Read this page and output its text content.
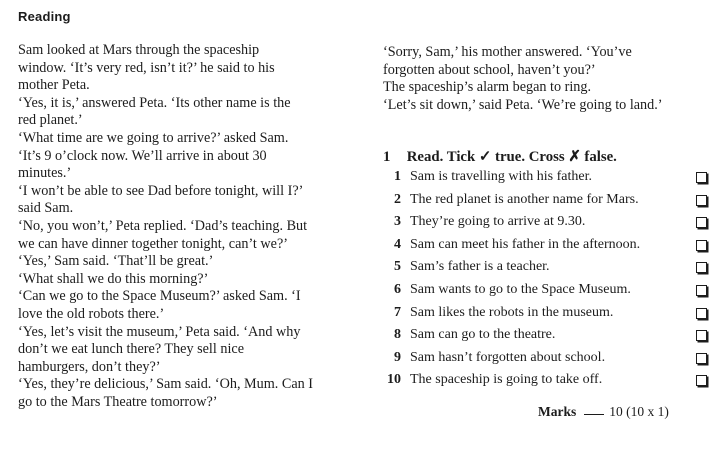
Reading
Sam looked at Mars through the spaceship
window. ‘It’s very red, isn’t it?’ he said to his
mother Peta.
‘Yes, it is,’ answered Peta. ‘Its other name is the
red planet.’
‘What time are we going to arrive?’ asked Sam.
‘It’s 9 o’clock now. We’ll arrive in about 30
minutes.’
‘I won’t be able to see Dad before tonight, will I?’
said Sam.
‘No, you won’t,’ Peta replied. ‘Dad’s teaching. But
we can have dinner together tonight, can’t we?’
‘Yes,’ Sam said. ‘That’ll be great.’
‘What shall we do this morning?’
‘Can we go to the Space Museum?’ asked Sam. ‘I
love the old robots there.’
‘Yes, let’s visit the museum,’ Peta said. ‘And why
don’t we eat lunch there? They sell nice
hamburgers, don’t they?’
‘Yes, they’re delicious,’ Sam said. ‘Oh, Mum. Can I
go to the Mars Theatre tomorrow?’
‘Sorry, Sam,’ his mother answered. ‘You’ve
forgotten about school, haven’t you?’
The spaceship’s alarm began to ring.
‘Let’s sit down,’ said Peta. ‘We’re going to land.’
1 Read. Tick ✓ true. Cross ✗ false.
1 Sam is travelling with his father.
2 The red planet is another name for Mars.
3 They’re going to arrive at 9.30.
4 Sam can meet his father in the afternoon.
5 Sam’s father is a teacher.
6 Sam wants to go to the Space Museum.
7 Sam likes the robots in the museum.
8 Sam can go to the theatre.
9 Sam hasn’t forgotten about school.
10 The spaceship is going to take off.
Marks 10 (10 x 1)
